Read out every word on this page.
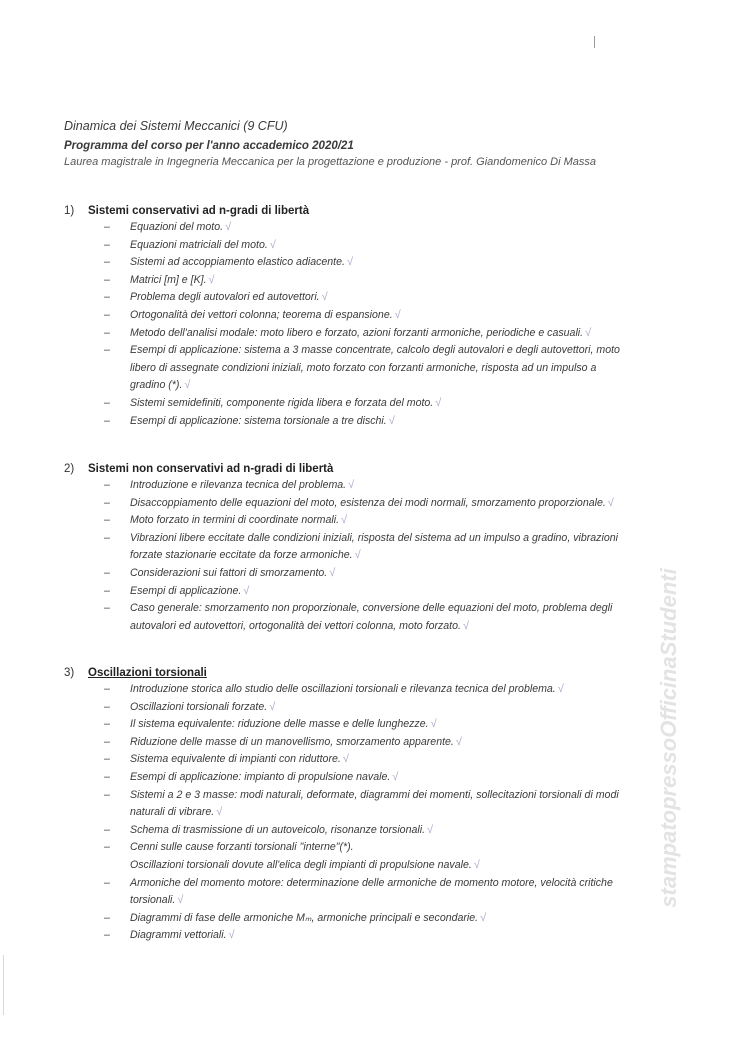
Dinamica dei Sistemi Meccanici (9 CFU)
Programma del corso per l'anno accademico 2020/21
Laurea magistrale in Ingegneria Meccanica per la progettazione e produzione - prof. Giandomenico Di Massa
1)	Sistemi conservativi ad n-gradi di libertà
– Equazioni del moto. √
– Equazioni matriciali del moto. √
– Sistemi ad accoppiamento elastico adiacente. √
– Matrici [m] e [K]. √
– Problema degli autovalori ed autovettori. √
– Ortogonalità dei vettori colonna; teorema di espansione. √
– Metodo dell'analisi modale: moto libero e forzato, azioni forzanti armoniche, periodiche e casuali. √
– Esempi di applicazione: sistema a 3 masse concentrate, calcolo degli autovalori e degli autovettori, moto libero di assegnate condizioni iniziali, moto forzato con forzanti armoniche, risposta ad un impulso a gradino (*). √
– Sistemi semidefiniti, componente rigida libera e forzata del moto. √
– Esempi di applicazione: sistema torsionale a tre dischi. √
2)	Sistemi non conservativi ad n-gradi di libertà
– Introduzione e rilevanza tecnica del problema. √
– Disaccoppiamento delle equazioni del moto, esistenza dei modi normali, smorzamento proporzionale. √
– Moto forzato in termini di coordinate normali. √
– Vibrazioni libere eccitate dalle condizioni iniziali, risposta del sistema ad un impulso a gradino, vibrazioni forzate stazionarie eccitate da forze armoniche. √
– Considerazioni sui fattori di smorzamento. √
– Esempi di applicazione. √
– Caso generale: smorzamento non proporzionale, conversione delle equazioni del moto, problema degli autovalori ed autovettori, ortogonalità dei vettori colonna, moto forzato. √
3)	Oscillazioni torsionali
– Introduzione storica allo studio delle oscillazioni torsionali e rilevanza tecnica del problema. √
– Oscillazioni torsionali forzate. √
– Il sistema equivalente: riduzione delle masse e delle lunghezze. √
– Riduzione delle masse di un manovellismo, smorzamento apparente. √
– Sistema equivalente di impianti con riduttore. √
– Esempi di applicazione: impianto di propulsione navale. √
– Sistemi a 2 e 3 masse: modi naturali, deformate, diagrammi dei momenti, sollecitazioni torsionali di modi naturali di vibrare. √
– Schema di trasmissione di un autoveicolo, risonanze torsionali. √
– Cenni sulle cause forzanti torsionali "interne"(*).
Oscillazioni torsionali dovute all'elica degli impianti di propulsione navale. √
– Armoniche del momento motore: determinazione delle armoniche de momento motore, velocità critiche torsionali. √
– Diagrammi di fase delle armoniche Mₘ, armoniche principali e secondarie. √
– Diagrammi vettoriali. √
stampatopressoOfficinaStudenti
